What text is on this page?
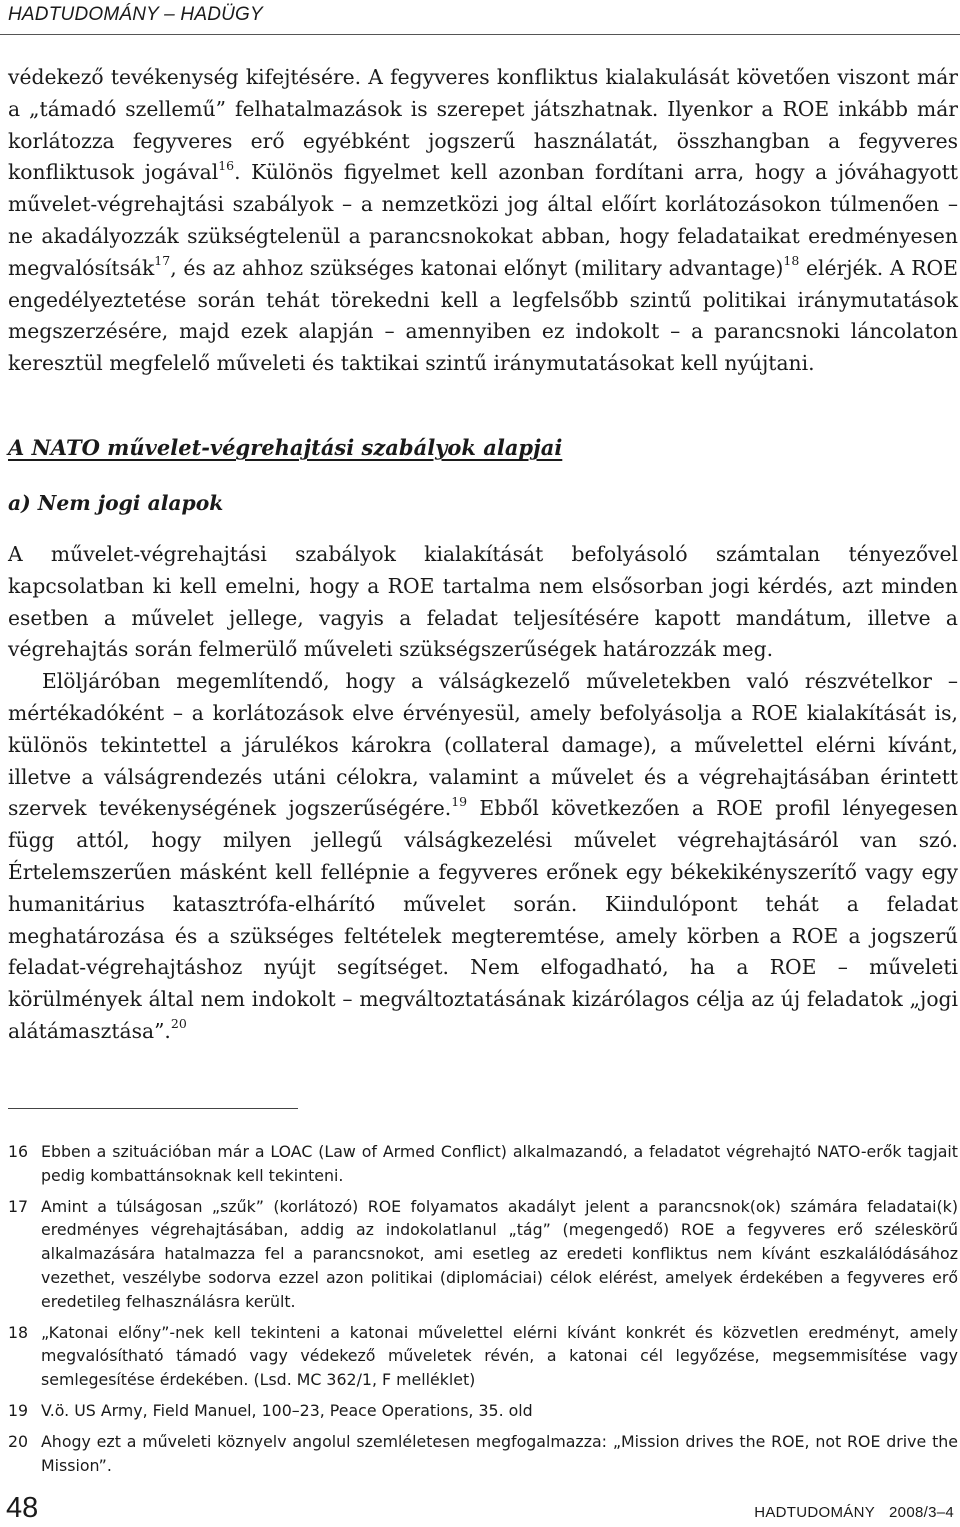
HADTUDOMÁNY – HADÜGY

védekező tevékenység kifejtésére. A fegyveres konfliktus kialakulását követően viszont már a „támadó szellemű” felhatalmazások is szerepet játszhatnak. Ilyenkor a ROE inkább már korlátozza fegyveres erő egyébként jogszerű használatát, összhangban a fegyveres konfliktusok jogával$^{16}$. Különös figyelmet kell azonban fordítani arra, hogy a jóváhagyott művelet-végrehajtási szabályok – a nemzetközi jog által előírt korlátozásokon túlmenően – ne akadályozzák szükségtelenül a parancsnokokat abban, hogy feladataikat eredményesen megvalósítsák$^{17}$, és az ahhoz szükséges katonai előnyt (military advantage)$^{18}$ elérjék. A ROE engedélyeztetése során tehát törekedni kell a legfelsőbb szintű politikai iránymutatások megszerzésére, majd ezek alapján – amennyiben ez indokolt – a parancsnoki láncolaton keresztül megfelelő műveleti és taktikai szintű iránymutatásokat kell nyújtani.

A NATO művelet-végrehajtási szabályok alapjai
a) Nem jogi alapok

A művelet-végrehajtási szabályok kialakítását befolyásoló számtalan tényezővel kapcsolatban ki kell emelni, hogy a ROE tartalma nem elsősorban jogi kérdés, azt minden esetben a művelet jellege, vagyis a feladat teljesítésére kapott mandátum, illetve a végrehajtás során felmerülő műveleti szükségszerűségek határozzák meg.

Elöljáróban megemlítendő, hogy a válságkezelő műveletekben való részvételkor – mértékadóként – a korlátozások elve érvényesül, amely befolyásolja a ROE kialakítását is, különös tekintettel a járulékos károkra (collateral damage), a művelettel elérni kívánt, illetve a válságrendezés utáni célokra, valamint a művelet és a végrehajtásában érintett szervek tevékenységének jogszerűségére.$^{19}$ Ebből következően a ROE profil lényegesen függ attól, hogy milyen jellegű válságkezelési művelet végrehajtásáról van szó. Értelemszerűen másként kell fellépnie a fegyveres erőnek egy békekikényszerítő vagy egy humanitárius katasztrófa-elhárító művelet során. Kiindulópont tehát a feladat meghatározása és a szükséges feltételek megteremtése, amely körben a ROE a jogszerű feladat-végrehajtáshoz nyújt segítséget. Nem elfogadható, ha a ROE – műveleti körülmények által nem indokolt – megváltoztatásának kizárólagos célja az új feladatok „jogi alátámasztása”.$^{20}$

16 Ebben a szituációban már a LOAC (Law of Armed Conflict) alkalmazandó, a feladatot végrehajtó NATO-erők tagjait pedig kombattánsoknak kell tekinteni.
17 Amint a túlságosan „szűk” (korlátozó) ROE folyamatos akadályt jelent a parancsnok(ok) számára feladatai(k) eredményes végrehajtásában, addig az indokolatlanul „tág” (megengedő) ROE a fegyveres erő széleskörű alkalmazására hatalmazza fel a parancsnokot, ami esetleg az eredeti konfliktus nem kívánt eszkalálódásához vezethet, veszélybe sodorva ezzel azon politikai (diplomáciai) célok elérést, amelyek érdekében a fegyveres erő eredetileg felhasználásra került.
18 „Katonai előny”-nek kell tekinteni a katonai művelettel elérni kívánt konkrét és közvetlen eredményt, amely megvalósítható támadó vagy védekező műveletek révén, a katonai cél legyőzése, megsemmisítése vagy semlegesítése érdekében. (Lsd. MC 362/1, F melléklet)
19 V.ö. US Army, Field Manuel, 100–23, Peace Operations, 35. old
20 Ahogy ezt a műveleti köznyelv angolul szemléletesen megfogalmazza: „Mission drives the ROE, not ROE drive the Mission”.
48	HADTUDOMÁNY 2008/3–4
